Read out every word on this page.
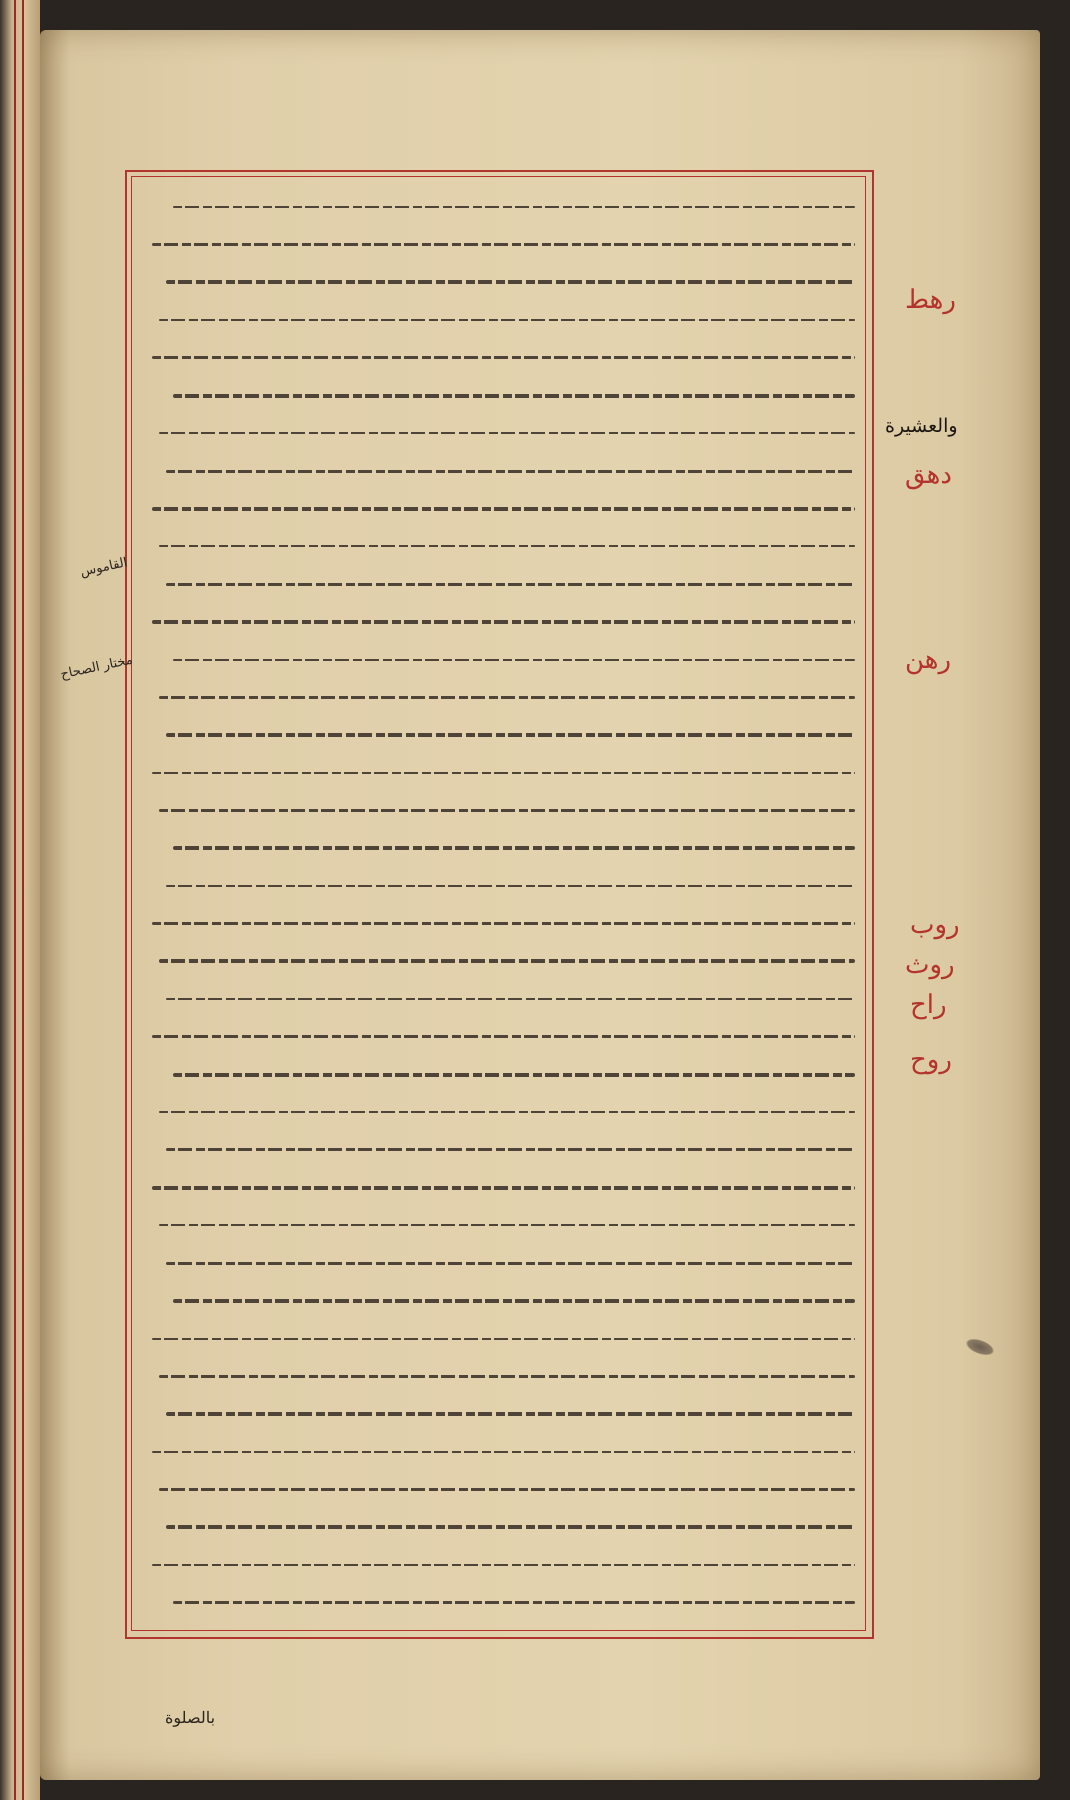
رهط
والعشيرة
دهق
رهن
روب
روث
راح
روح
القاموس
مختار الصحاح
بالصلوة
